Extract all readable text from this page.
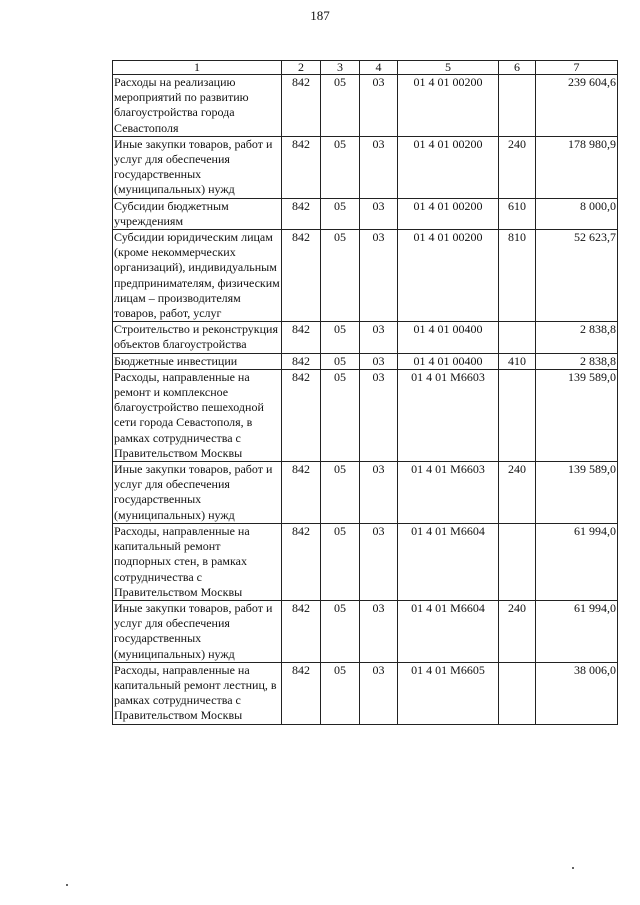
187
1	2	3	4	5	6	7
Расходы на реализацию мероприятий по развитию благоустройства города Севастополя	842	05	03	01 4 01 00200		239 604,6
Иные закупки товаров, работ и услуг для обеспечения государственных (муниципальных) нужд	842	05	03	01 4 01 00200	240	178 980,9
Субсидии бюджетным учреждениям	842	05	03	01 4 01 00200	610	8 000,0
Субсидии юридическим лицам (кроме некоммерческих организаций), индивидуальным предпринимателям, физическим лицам – производителям товаров, работ, услуг	842	05	03	01 4 01 00200	810	52 623,7
Строительство и реконструкция объектов благоустройства	842	05	03	01 4 01 00400		2 838,8
Бюджетные инвестиции	842	05	03	01 4 01 00400	410	2 838,8
Расходы, направленные на ремонт и комплексное благоустройство пешеходной сети города Севастополя, в рамках сотрудничества с Правительством Москвы	842	05	03	01 4 01 М6603		139 589,0
Иные закупки товаров, работ и услуг для обеспечения государственных (муниципальных) нужд	842	05	03	01 4 01 М6603	240	139 589,0
Расходы, направленные на капитальный ремонт подпорных стен, в рамках сотрудничества с Правительством Москвы	842	05	03	01 4 01 М6604		61 994,0
Иные закупки товаров, работ и услуг для обеспечения государственных (муниципальных) нужд	842	05	03	01 4 01 М6604	240	61 994,0
Расходы, направленные на капитальный ремонт лестниц, в рамках сотрудничества с Правительством Москвы	842	05	03	01 4 01 М6605		38 006,0
